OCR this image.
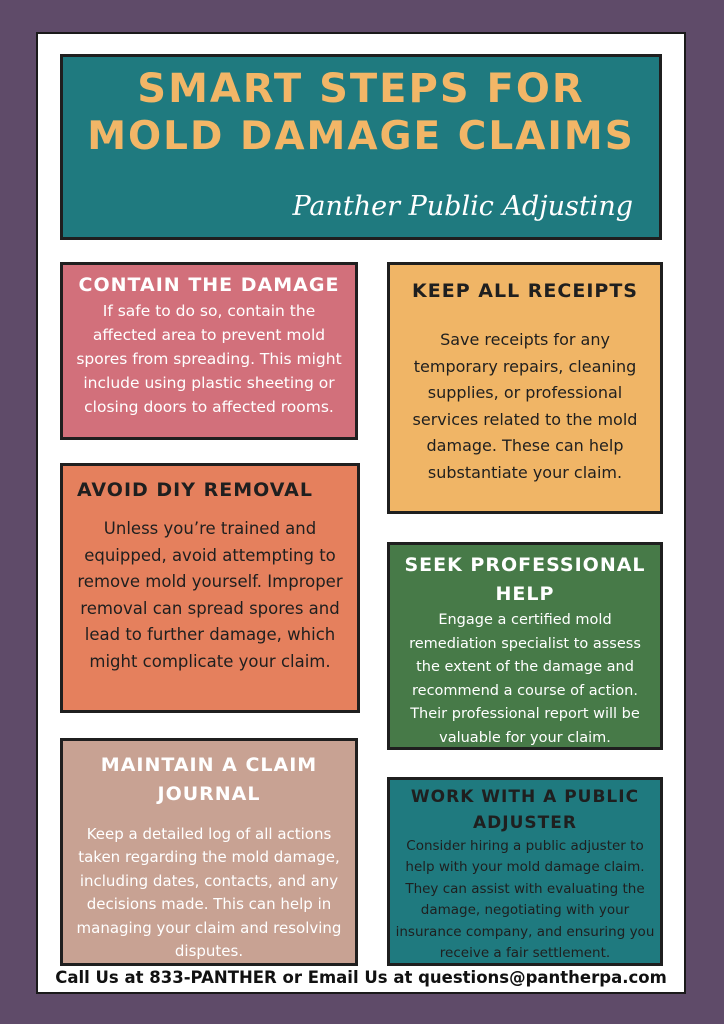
SMART STEPS FOR
MOLD DAMAGE CLAIMS
Panther Public Adjusting
CONTAIN THE DAMAGE

If safe to do so, contain the affected area to prevent mold spores from spreading. This might include using plastic sheeting or closing doors to affected rooms.

KEEP ALL RECEIPTS

Save receipts for any temporary repairs, cleaning supplies, or professional services related to the mold damage. These can help substantiate your claim.

AVOID DIY REMOVAL

Unless you’re trained and equipped, avoid attempting to remove mold yourself. Improper removal can spread spores and lead to further damage, which might complicate your claim.

SEEK PROFESSIONAL HELP

Engage a certified mold remediation specialist to assess the extent of the damage and recommend a course of action. Their professional report will be valuable for your claim.

MAINTAIN A CLAIM JOURNAL

Keep a detailed log of all actions taken regarding the mold damage, including dates, contacts, and any decisions made. This can help in managing your claim and resolving disputes.

WORK WITH A PUBLIC ADJUSTER

Consider hiring a public adjuster to help with your mold damage claim. They can assist with evaluating the damage, negotiating with your insurance company, and ensuring you receive a fair settlement.

Call Us at 833-PANTHER or Email Us at questions@pantherpa.com
